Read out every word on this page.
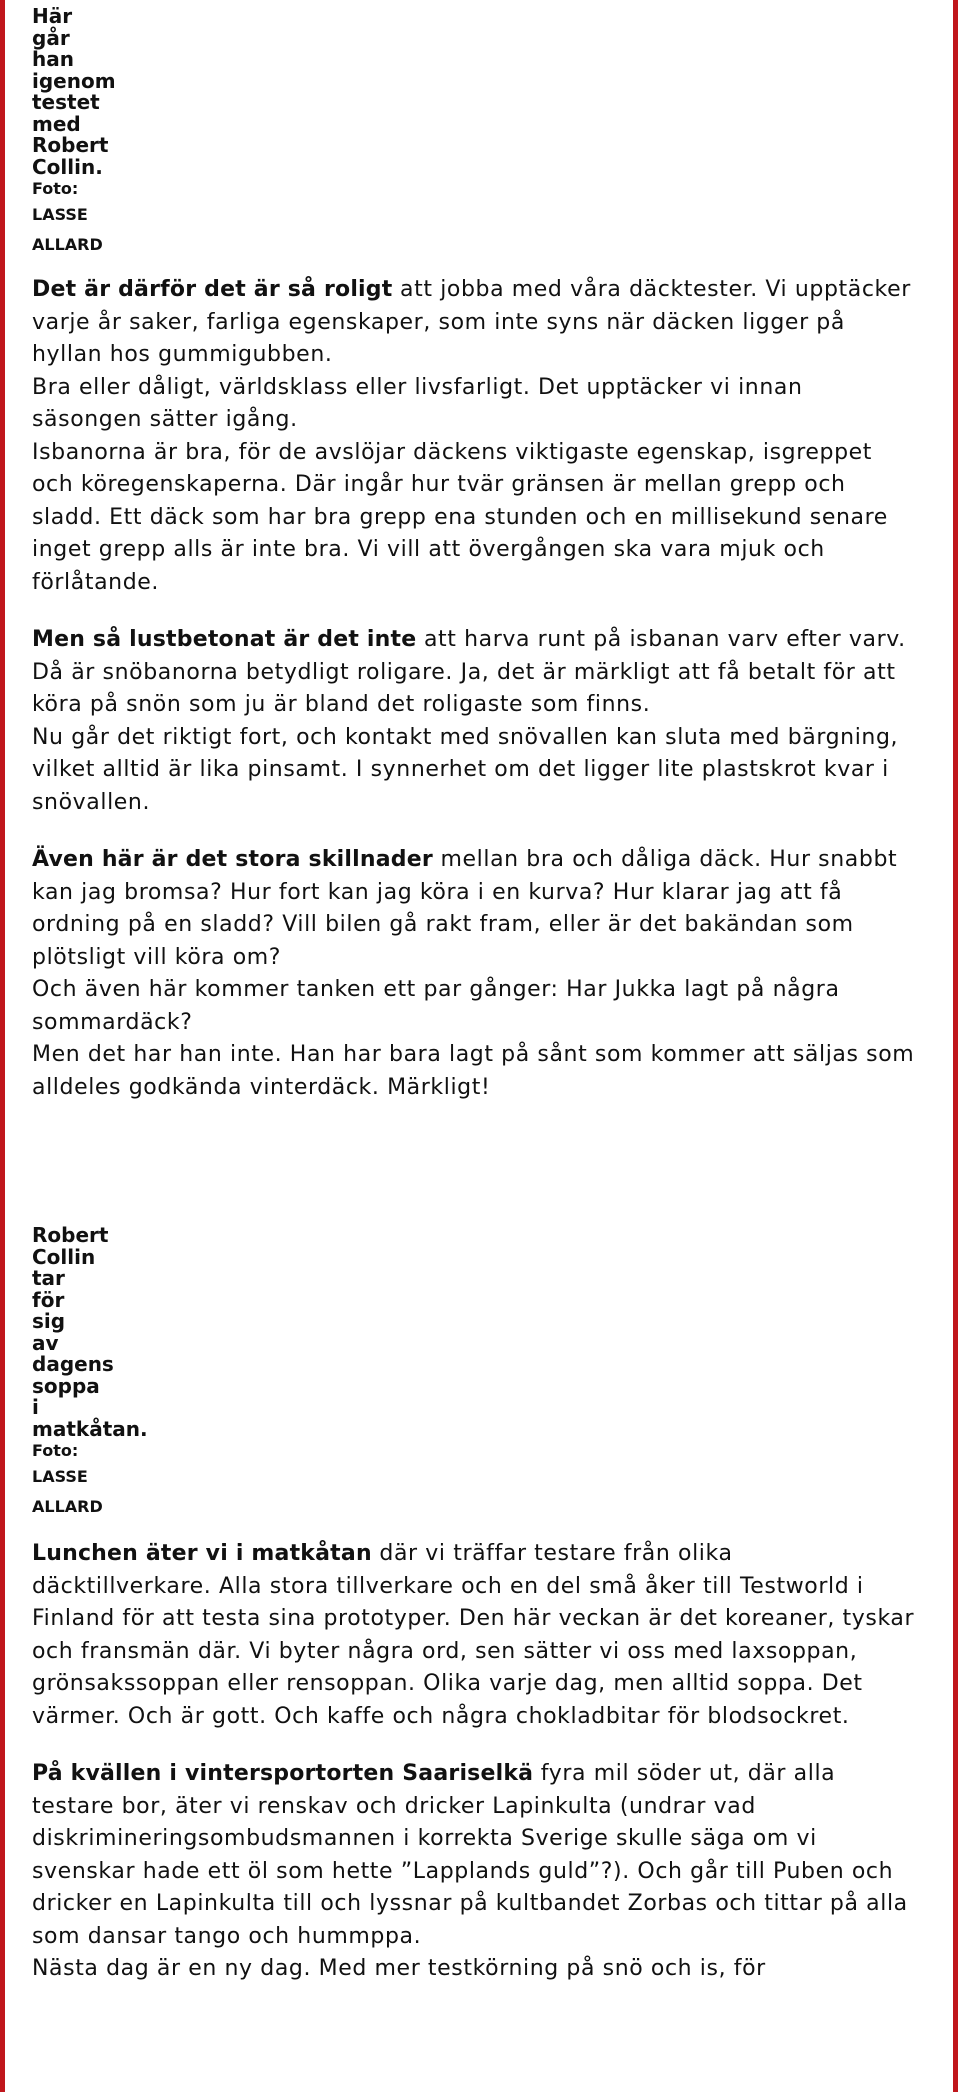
Här
går
han
igenom
testet
med
Robert
Collin.
Foto:
LASSE
ALLARD

Det är därför det är så roligt att jobba med våra däcktester. Vi upptäcker varje år saker, farliga egenskaper, som inte syns när däcken ligger på hyllan hos gummigubben.

Bra eller dåligt, världsklass eller livsfarligt. Det upptäcker vi innan säsongen sätter igång.

Isbanorna är bra, för de avslöjar däckens viktigaste egenskap, isgreppet och köregenskaperna. Där ingår hur tvär gränsen är mellan grepp och sladd. Ett däck som har bra grepp ena stunden och en millisekund senare inget grepp alls är inte bra. Vi vill att övergången ska vara mjuk och förlåtande.

Men så lustbetonat är det inte att harva runt på isbanan varv efter varv. Då är snöbanorna betydligt roligare. Ja, det är märkligt att få betalt för att köra på snön som ju är bland det roligaste som finns.

Nu går det riktigt fort, och kontakt med snövallen kan sluta med bärgning, vilket alltid är lika pinsamt. I synnerhet om det ligger lite plastskrot kvar i snövallen.

Även här är det stora skillnader mellan bra och dåliga däck. Hur snabbt kan jag bromsa? Hur fort kan jag köra i en kurva? Hur klarar jag att få ordning på en sladd? Vill bilen gå rakt fram, eller är det bakändan som plötsligt vill köra om?

Och även här kommer tanken ett par gånger: Har Jukka lagt på några sommardäck?

Men det har han inte. Han har bara lagt på sånt som kommer att säljas som alldeles godkända vinterdäck. Märkligt!

Robert
Collin
tar
för
sig
av
dagens
soppa
i
matkåtan.
Foto:
LASSE
ALLARD

Lunchen äter vi i matkåtan där vi träffar testare från olika däcktillverkare. Alla stora tillverkare och en del små åker till Testworld i Finland för att testa sina prototyper. Den här veckan är det koreaner, tyskar och fransmän där. Vi byter några ord, sen sätter vi oss med laxsoppan, grönsakssoppan eller rensoppan. Olika varje dag, men alltid soppa. Det värmer. Och är gott. Och kaffe och några chokladbitar för blodsockret.

På kvällen i vintersportorten Saariselkä fyra mil söder ut, där alla testare bor, äter vi renskav och dricker Lapinkulta (undrar vad diskrimineringsombudsmannen i korrekta Sverige skulle säga om vi svenskar hade ett öl som hette ”Lapplands guld”?). Och går till Puben och dricker en Lapinkulta till och lyssnar på kultbandet Zorbas och tittar på alla som dansar tango och hummppa.

Nästa dag är en ny dag. Med mer testkörning på snö och is, för
